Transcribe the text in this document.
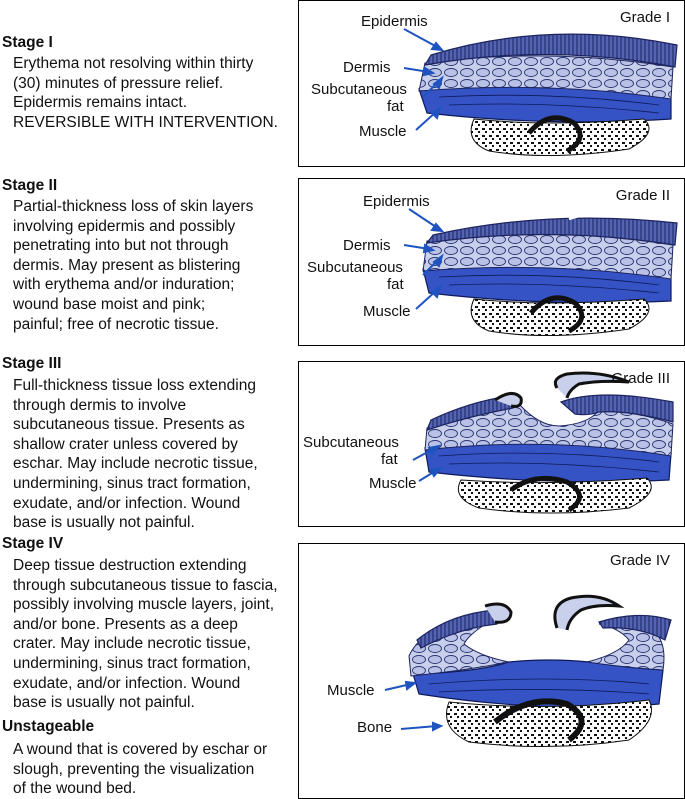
Stage I

Erythema not resolving within thirty
(30) minutes of pressure relief.
Epidermis remains intact.
REVERSIBLE WITH INTERVENTION.

Stage II

Partial-thickness loss of skin layers
involving epidermis and possibly
penetrating into but not through
dermis. May present as blistering
with erythema and/or induration;
wound base moist and pink;
painful; free of necrotic tissue.

Stage III

Full-thickness tissue loss extending
through dermis to involve
subcutaneous tissue. Presents as
shallow crater unless covered by
eschar. May include necrotic tissue,
undermining, sinus tract formation,
exudate, and/or infection. Wound
base is usually not painful.

Stage IV

Deep tissue destruction extending
through subcutaneous tissue to fascia,
possibly involving muscle layers, joint,
and/or bone. Presents as a deep
crater. May include necrotic tissue,
undermining, sinus tract formation,
exudate, and/or infection. Wound
base is usually not painful.

Unstageable

A wound that is covered by eschar or
slough, preventing the visualization
of the wound bed.

Grade I
Epidermis
Dermis
Subcutaneous
fat
Muscle
Grade II
Epidermis
Dermis
Subcutaneous
fat
Muscle
Grade III
Subcutaneous
fat
Muscle
Grade IV
Muscle
Bone
